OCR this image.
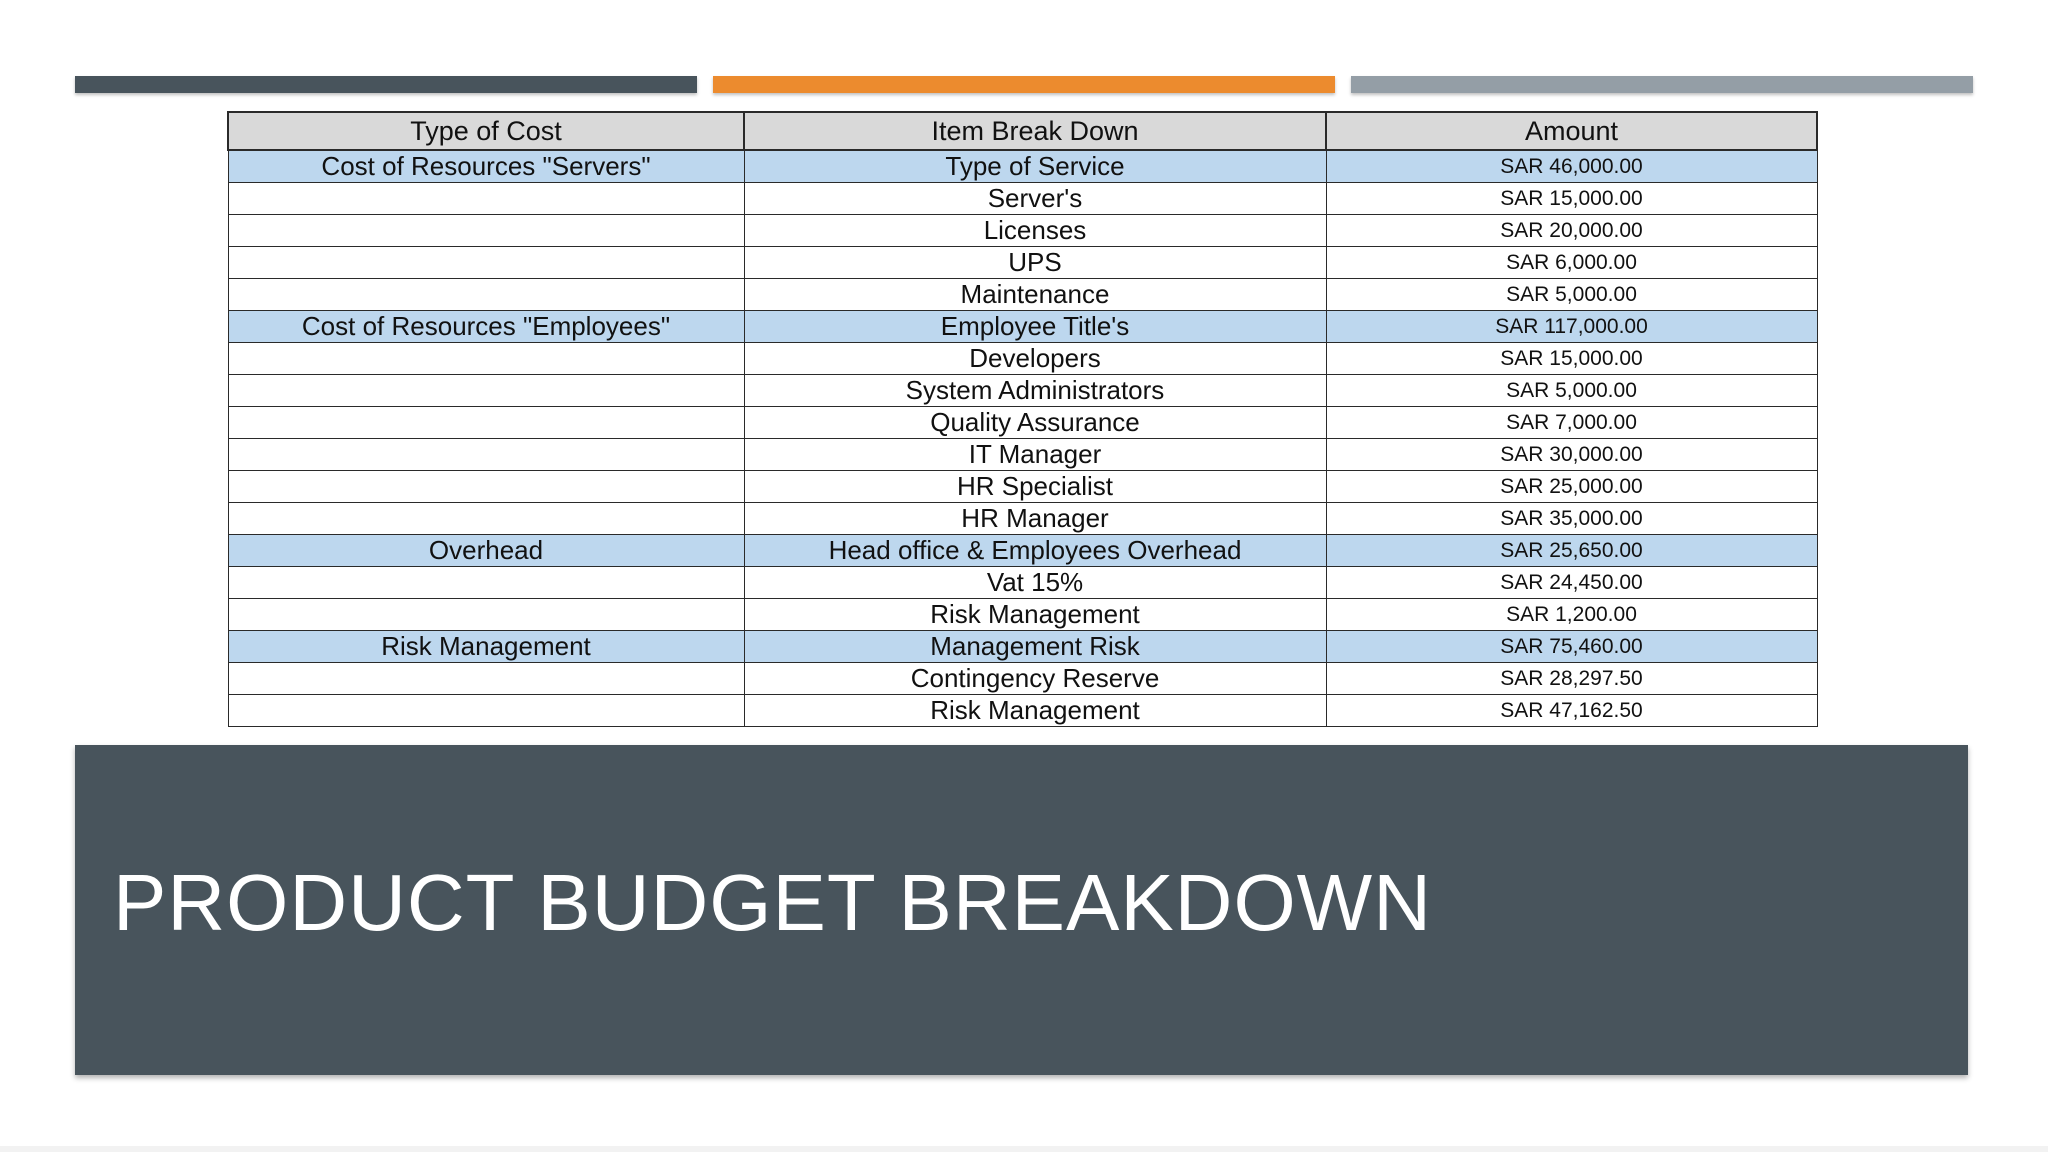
Type of Cost	Item Break Down	Amount
Cost of Resources "Servers"	Type of Service	SAR 46,000.00
	Server's	SAR 15,000.00
	Licenses	SAR 20,000.00
	UPS	SAR 6,000.00
	Maintenance	SAR 5,000.00
Cost of Resources "Employees"	Employee Title's	SAR 117,000.00
	Developers	SAR 15,000.00
	System Administrators	SAR 5,000.00
	Quality Assurance	SAR 7,000.00
	IT Manager	SAR 30,000.00
	HR Specialist	SAR 25,000.00
	HR Manager	SAR 35,000.00
Overhead	Head office & Employees Overhead	SAR 25,650.00
	Vat 15%	SAR 24,450.00
	Risk Management	SAR 1,200.00
Risk Management	Management Risk	SAR 75,460.00
	Contingency Reserve	SAR 28,297.50
	Risk Management	SAR 47,162.50
PRODUCT BUDGET BREAKDOWN
